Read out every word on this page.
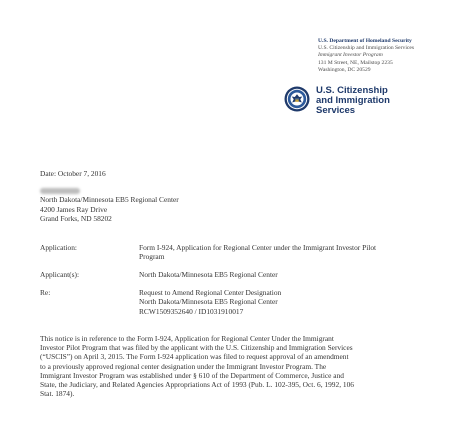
U.S. Department of Homeland Security
U.S. Citizenship and Immigration Services
Immigrant Investor Program
131 M Street, NE, Mailstop 2235
Washington, DC 20529
U.S. Citizenship
and Immigration
Services
Date: October 7, 2016
North Dakota/Minnesota EB5 Regional Center
4200 James Ray Drive
Grand Forks, ND 58202
Application:	Form I-924, Application for Regional Center under the Immigrant Investor Pilot
Program
Applicant(s):	North Dakota/Minnesota EB5 Regional Center
Re:	Request to Amend Regional Center Designation
North Dakota/Minnesota EB5 Regional Center
RCW1509352640 / ID1031910017
This notice is in reference to the Form I-924, Application for Regional Center Under the Immigrant
Investor Pilot Program that was filed by the applicant with the U.S. Citizenship and Immigration Services
(“USCIS”) on April 3, 2015. The Form I-924 application was filed to request approval of an amendment
to a previously approved regional center designation under the Immigrant Investor Program. The
Immigrant Investor Program was established under § 610 of the Department of Commerce, Justice and
State, the Judiciary, and Related Agencies Appropriations Act of 1993 (Pub. L. 102-395, Oct. 6, 1992, 106
Stat. 1874).
